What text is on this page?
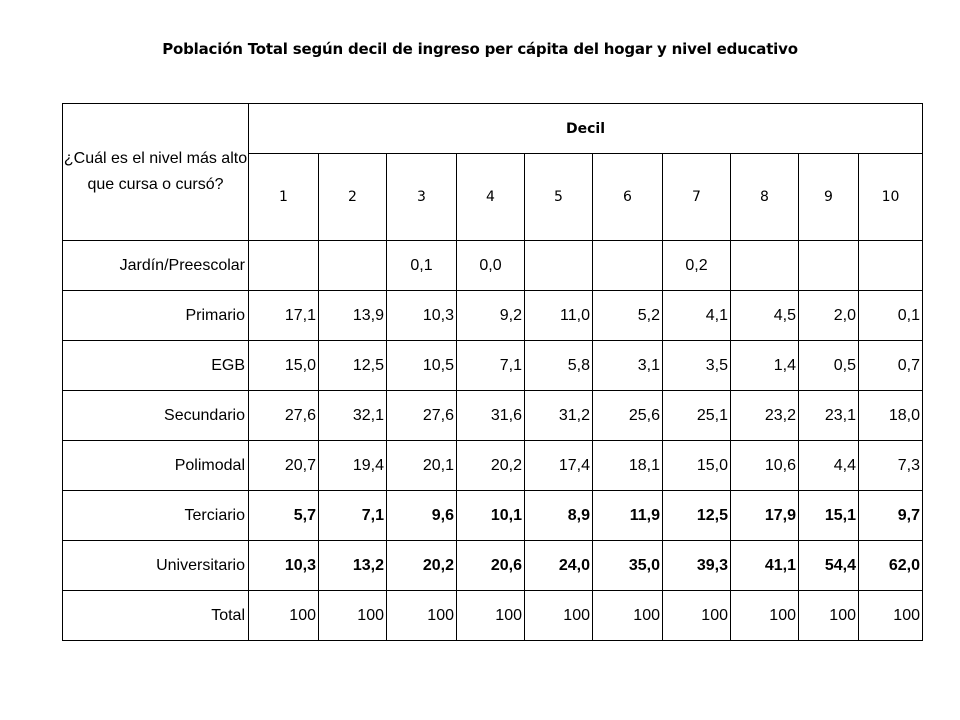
Población Total según decil de ingreso per cápita del hogar y nivel educativo
¿Cuál es el nivel más alto que cursa o cursó?	Decil									
	1	2	3	4	5	6	7	8	9	10
Jardín/Preescolar			0,1	0,0			0,2			
Primario	17,1	13,9	10,3	9,2	11,0	5,2	4,1	4,5	2,0	0,1
EGB	15,0	12,5	10,5	7,1	5,8	3,1	3,5	1,4	0,5	0,7
Secundario	27,6	32,1	27,6	31,6	31,2	25,6	25,1	23,2	23,1	18,0
Polimodal	20,7	19,4	20,1	20,2	17,4	18,1	15,0	10,6	4,4	7,3
Terciario	5,7	7,1	9,6	10,1	8,9	11,9	12,5	17,9	15,1	9,7
Universitario	10,3	13,2	20,2	20,6	24,0	35,0	39,3	41,1	54,4	62,0
Total	100	100	100	100	100	100	100	100	100	100
